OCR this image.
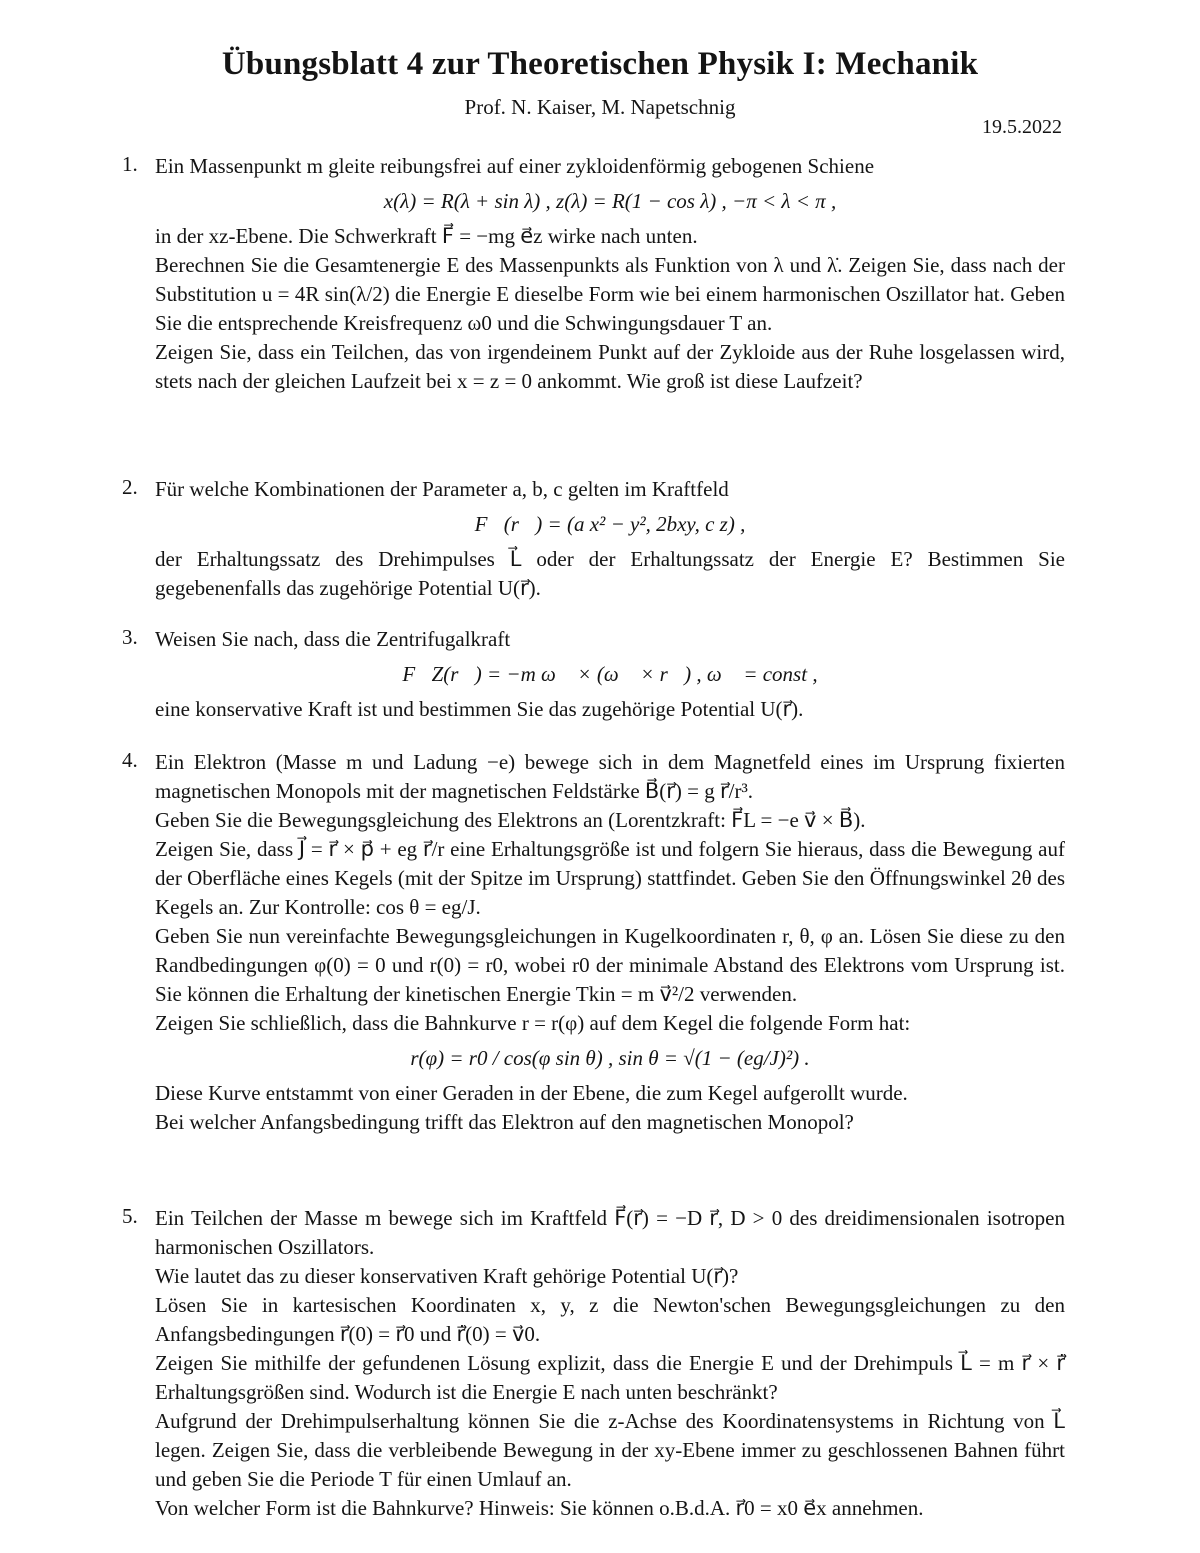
Übungsblatt 4 zur Theoretischen Physik I: Mechanik
Prof. N. Kaiser, M. Napetschnig
19.5.2022
1. Ein Massenpunkt m gleite reibungsfrei auf einer zykloidenförmig gebogenen Schiene

x(λ) = R(λ + sin λ) , z(λ) = R(1 − cos λ) , −π < λ < π ,

in der xz-Ebene. Die Schwerkraft F⃗ = −mg e⃗z wirke nach unten.

Berechnen Sie die Gesamtenergie E des Massenpunkts als Funktion von λ und λ̇. Zeigen Sie, dass nach der Substitution u = 4R sin(λ/2) die Energie E dieselbe Form wie bei einem harmonischen Oszillator hat. Geben Sie die entsprechende Kreisfrequenz ω0 und die Schwingungsdauer T an.

Zeigen Sie, dass ein Teilchen, das von irgendeinem Punkt auf der Zykloide aus der Ruhe losgelassen wird, stets nach der gleichen Laufzeit bei x = z = 0 ankommt. Wie groß ist diese Laufzeit?

2. Für welche Kombinationen der Parameter a, b, c gelten im Kraftfeld

F⃗(r⃗) = (a x² − y², 2bxy, c z) ,

der Erhaltungssatz des Drehimpulses L⃗ oder der Erhaltungssatz der Energie E? Bestimmen Sie gegebenenfalls das zugehörige Potential U(r⃗).

3. Weisen Sie nach, dass die Zentrifugalkraft

F⃗Z(r⃗) = −m ω⃗ × (ω⃗ × r⃗) , ω⃗ = const ,

eine konservative Kraft ist und bestimmen Sie das zugehörige Potential U(r⃗).

4. Ein Elektron (Masse m und Ladung −e) bewege sich in dem Magnetfeld eines im Ursprung fixierten magnetischen Monopols mit der magnetischen Feldstärke B⃗(r⃗) = g r⃗/r³.

Geben Sie die Bewegungsgleichung des Elektrons an (Lorentzkraft: F⃗L = −e v⃗ × B⃗).

Zeigen Sie, dass J⃗ = r⃗ × p⃗ + eg r⃗/r eine Erhaltungsgröße ist und folgern Sie hieraus, dass die Bewegung auf der Oberfläche eines Kegels (mit der Spitze im Ursprung) stattfindet. Geben Sie den Öffnungswinkel 2θ des Kegels an. Zur Kontrolle: cos θ = eg/J.

Geben Sie nun vereinfachte Bewegungsgleichungen in Kugelkoordinaten r, θ, φ an. Lösen Sie diese zu den Randbedingungen φ(0) = 0 und r(0) = r0, wobei r0 der minimale Abstand des Elektrons vom Ursprung ist. Sie können die Erhaltung der kinetischen Energie Tkin = m v⃗²/2 verwenden.

Zeigen Sie schließlich, dass die Bahnkurve r = r(φ) auf dem Kegel die folgende Form hat:

r(φ) = r0 / cos(φ sin θ) , sin θ = √(1 − (eg/J)²) .

Diese Kurve entstammt von einer Geraden in der Ebene, die zum Kegel aufgerollt wurde.

Bei welcher Anfangsbedingung trifft das Elektron auf den magnetischen Monopol?

5. Ein Teilchen der Masse m bewege sich im Kraftfeld F⃗(r⃗) = −D r⃗, D > 0 des dreidimensionalen isotropen harmonischen Oszillators.

Wie lautet das zu dieser konservativen Kraft gehörige Potential U(r⃗)?

Lösen Sie in kartesischen Koordinaten x, y, z die Newton'schen Bewegungsgleichungen zu den Anfangsbedingungen r⃗(0) = r⃗0 und r⃗̇(0) = v⃗0.

Zeigen Sie mithilfe der gefundenen Lösung explizit, dass die Energie E und der Drehimpuls L⃗ = m r⃗ × r⃗̇ Erhaltungsgrößen sind. Wodurch ist die Energie E nach unten beschränkt?

Aufgrund der Drehimpulserhaltung können Sie die z-Achse des Koordinatensystems in Richtung von L⃗ legen. Zeigen Sie, dass die verbleibende Bewegung in der xy-Ebene immer zu geschlossenen Bahnen führt und geben Sie die Periode T für einen Umlauf an.

Von welcher Form ist die Bahnkurve? Hinweis: Sie können o.B.d.A. r⃗0 = x0 e⃗x annehmen.
